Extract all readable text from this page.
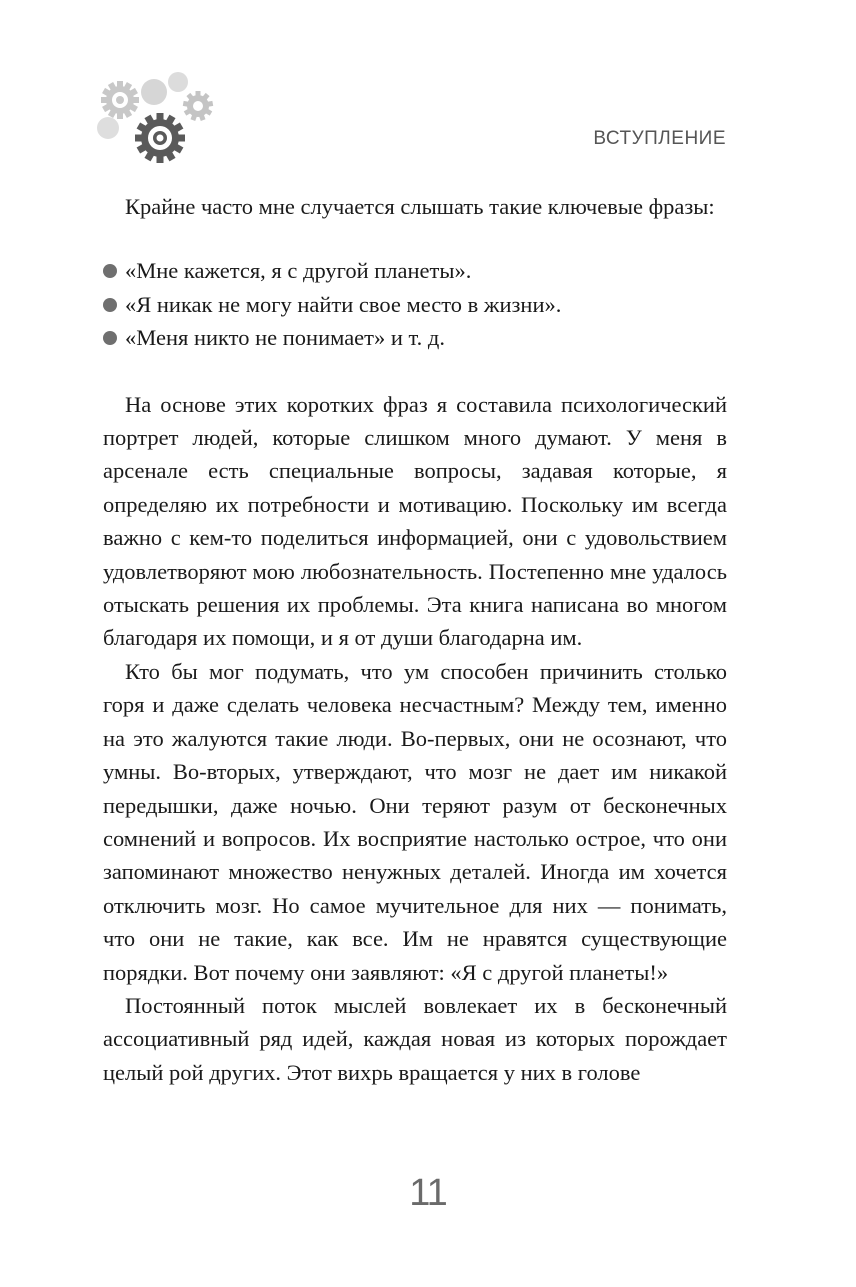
ВСТУПЛЕНИЕ

Крайне часто мне случается слышать такие ключевые фразы:

«Мне кажется, я с другой планеты».
«Я никак не могу найти свое место в жизни».
«Меня никто не понимает» и т. д.

На основе этих коротких фраз я составила психологический портрет людей, которые слишком много думают. У меня в арсенале есть специальные вопросы, задавая которые, я определяю их потребности и мотивацию. Поскольку им всегда важно с кем-то поделиться информацией, они с удовольствием удовлетворяют мою любознательность. Постепенно мне удалось отыскать решения их проблемы. Эта книга написана во многом благодаря их помощи, и я от души благодарна им.

Кто бы мог подумать, что ум способен причинить столько горя и даже сделать человека несчастным? Между тем, именно на это жалуются такие люди. Во-первых, они не осознают, что умны. Во-вторых, утверждают, что мозг не дает им никакой передышки, даже ночью. Они теряют разум от бесконечных сомнений и вопросов. Их восприятие настолько острое, что они запоминают множество ненужных деталей. Иногда им хочется отключить мозг. Но самое мучительное для них — понимать, что они не такие, как все. Им не нравятся существующие порядки. Вот почему они заявляют: «Я с другой планеты!»

Постоянный поток мыслей вовлекает их в бесконечный ассоциативный ряд идей, каждая новая из которых порождает целый рой других. Этот вихрь вращается у них в голове

11
